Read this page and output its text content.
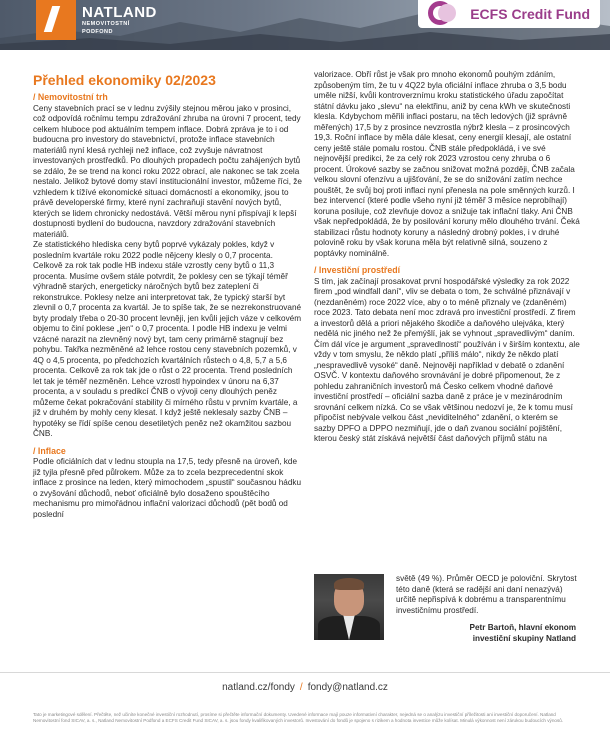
NATLAND
NEMOVITOSTNÍ
PODFOND
ECFS Credit Fund
Přehled ekonomiky 02/2023
/ Nemovitostní trh

Ceny stavebních prací se v lednu zvýšily stejnou měrou jako v prosinci, což odpovídá ročnímu tempu zdražování zhruba na úrovni 7 procent, tedy celkem hluboce pod aktuálním tempem inflace. Dobrá zpráva je to i od budoucna pro investory do stavebnictví, protože inflace stavebních materiálů nyní klesá rychleji než inflace, což zvyšuje návratnost investovaných prostředků. Po dlouhých propadech počtu zahájených bytů se zdálo, že se trend na konci roku 2022 obrací, ale nakonec se tak zcela nestalo. Jelikož bytové domy staví institucionální investor, můžeme říci, že vzhledem k tížívé ekonomické situaci domácností a ekonomiky, jsou to právě developerské firmy, které nyní zachraňují stavění nových bytů, kterých se lidem chronicky nedostává. Větší měrou nyní přispívají k lepší dostupnosti bydlení do budoucna, navzdory zdražování stavebních materiálů.

Ze statistického hlediska ceny bytů poprvé vykázaly pokles, když v posledním kvartále roku 2022 podle nějceny klesly o 0,7 procenta. Celkově za rok tak podle HB indexu stále vzrostly ceny bytů o 11,3 procenta. Musíme ovšem stále potvrdit, že poklesy cen se týkají téměř výhradně starých, energeticky náročných bytů bez zateplení či rekonstrukce. Poklesy nelze ani interpretovat tak, že typický starší byt zlevnil o 0,7 procenta za kvartál. Je to spíše tak, že se nezrekonstruované byty prodaly třeba o 20-30 procent levněji, jen kvůli jejich váze v celkovém objemu to činí poklese „jen“ o 0,7 procenta. I podle HB indexu je velmi vzácné narazit na zlevněný nový byt, tam ceny primárně stagnují bez pohybu. Takřka nezměněné až lehce rostou ceny stavebních pozemků, v 4Q o 4,5 procenta, po předchozích kvartálních růstech o 4,8, 5,7 a 5,6 procenta. Celkově za rok tak jde o růst o 22 procenta. Trend posledních let tak je téměř nezměněn. Lehce vzrostl hypoindex v únoru na 6,37 procenta, a v souladu s predikcí ČNB o vývoji ceny dlouhých peněz můžeme čekat pokračování stability či mírného růstu v prvním kvartále, a již v druhém by mohly ceny klesat. I když ještě neklesaly sazby ČNB – hypotéky se řídí spíše cenou desetiletých peněz než okamžitou sazbou ČNB.

/ Inflace

Podle oficiálních dat v lednu stoupla na 17,5, tedy přesně na úroveň, kde již tyjla přesně před půlrokem. Může za to zcela bezprecedentní skok inflace z prosince na leden, který mimochodem „spustil“ současnou hádku o zvyšování důchodů, neboť oficiálně bylo dosaženo spouštěcího mechanismu pro mimořádnou inflační valorizaci důchodů (pět bodů od poslední

valorizace. Obří růst je však pro mnoho ekonomů pouhým zdáním, způsobeným tím, že tu v 4Q22 byla oficiální inflace zhruba o 3,5 bodu uměle nižší, kvůli kontroverznímu kroku statistického úřadu započítat státní dávku jako „slevu“ na elektřinu, aniž by cena kWh ve skutečnosti klesla. Kdybychom měřili inflaci postaru, na těch ledových (již správně měřených) 17,5 by z prosince nevzrostla nýbrž klesla – z prosincových 19,3. Roční inflace by měla dále klesat, ceny energií klesají, ale ostatní ceny ještě stále pomalu rostou. ČNB stále předpokládá, i ve své nejnovější predikci, že za celý rok 2023 vzrostou ceny zhruba o 6 procent. Úrokové sazby se začnou snižovat možná později, ČNB začala velkou slovní ofenzívu a ujišťování, že se do snižování zatím nechce pouštět, že svůj boj proti inflaci nyní přenesla na pole směnných kurzů. I bez intervencí (které podle všeho nyní již téměř 3 měsíce neprobíhají) koruna posiluje, což zlevňuje dovoz a snižuje tak inflační tlaky. Ani ČNB však nepředpokládá, že by posilování koruny mělo dlouhého trvání. Čeká stabilizaci růstu hodnoty koruny a následný drobný pokles, i v druhé polovině roku by však koruna měla být relativně silná, souzeno z poptávky nominálně.

/ Investiční prostředí

S tím, jak začínají prosakovat první hospodářské výsledky za rok 2022 firem „pod windfall daní“, vliv se debata o tom, že schválné přiznávají v (nezdaněném) roce 2022 více, aby o to méně přiznaly ve (zdaněném) roce 2023. Tato debata není moc zdravá pro investiční prostředí. Z firem a investorů dělá a priori nějakého škodiče a daňového ulejváka, který nedělá nic jiného než že přemýšlí, jak se vyhnout „spravedlivým“ daním. Čím dál více je argument „spravedlnosti“ používán i v širším kontextu, ale vždy v tom smyslu, že někdo platí „příliš málo“, nikdy že někdo platí „nespravedlivě vysoké“ daně. Nejnověji například v debatě o zdanění OSVČ. V kontextu daňového srovnávání je dobré připomenout, že z pohledu zahraničních investorů má Česko celkem vhodné daňové investiční prostředí – oficiální sazba daně z práce je v mezinárodním srovnání celkem nízká. Co se však většinou nedozví je, že k tomu musí připočíst nebývale velkou část „neviditelného“ zdanění, o kterém se sazby DPFO a DPPO nezmiňují, jde o daň zvanou sociální pojištění, kterou český stát získává největší část daňových příjmů státu na

světě (49 %). Průměr OECD je poloviční. Skrytost této daně (která se radější ani daní nenazývá) určitě nepřispívá k dobrému a transparentnímu investičnímu prostředí.
Petr Bartoň, hlavní ekonom
investiční skupiny Natland
natland.cz/fondy / fondy@natland.cz
Tato je marketingové sdělení. Přečtěte, než učiníte konečné investiční rozhodnutí, prosíme si přečtěte informační dokumenty. Uvedené informace mají pouze informativní charakter, nejedná se o analýzu investiční příležitosti ani investiční doporučení. Natland Nemovitostní fond SICAV, a. s., Natland Nemovitostní Podfond a ECFS Credit Fund SICAV, a. s. jsou fondy kvalifikovaných investorů. Investování do fondů je spojeno s rizikem a hodnota investice může kolísat. Minulá výkonnost není zárukou budoucích výnosů.
